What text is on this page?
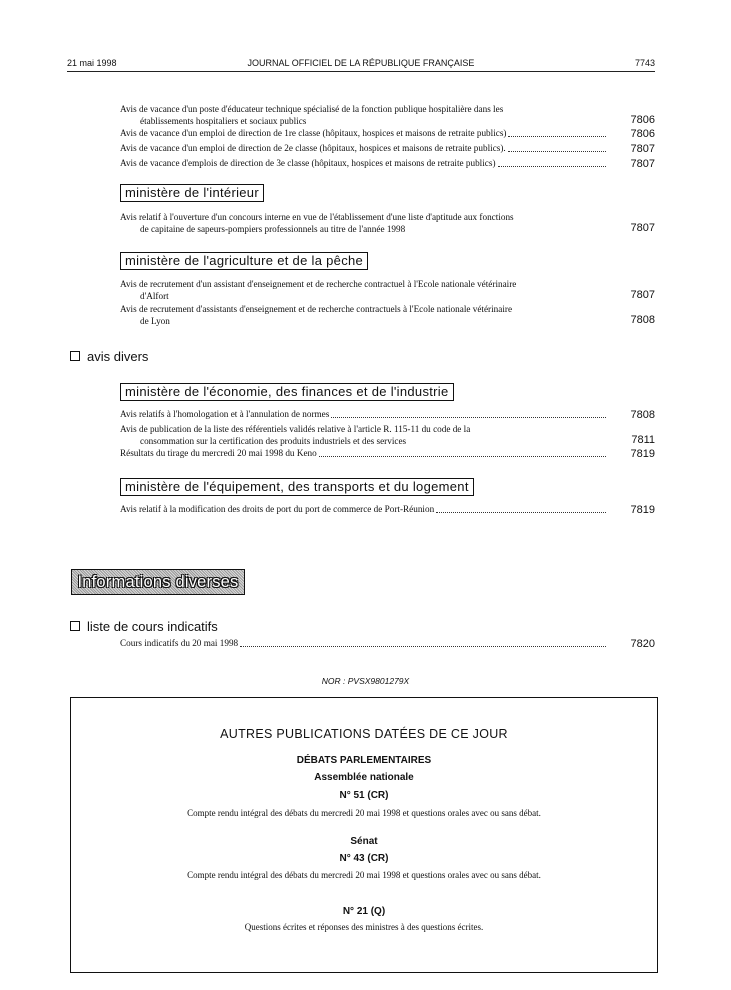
21 mai 1998	JOURNAL OFFICIEL DE LA RÉPUBLIQUE FRANÇAISE	7743
Avis de vacance d'un poste d'éducateur technique spécialisé de la fonction publique hospitalière dans les
établissements hospitaliers et sociaux publics	7806
Avis de vacance d'un emploi de direction de 1re classe (hôpitaux, hospices et maisons de retraite publics)	7806
Avis de vacance d'un emploi de direction de 2e classe (hôpitaux, hospices et maisons de retraite publics).	7807
Avis de vacance d'emplois de direction de 3e classe (hôpitaux, hospices et maisons de retraite publics)	7807
ministère de l'intérieur
Avis relatif à l'ouverture d'un concours interne en vue de l'établissement d'une liste d'aptitude aux fonctions
de capitaine de sapeurs-pompiers professionnels au titre de l'année 1998	7807
ministère de l'agriculture et de la pêche
Avis de recrutement d'un assistant d'enseignement et de recherche contractuel à l'Ecole nationale vétérinaire
d'Alfort	7807
Avis de recrutement d'assistants d'enseignement et de recherche contractuels à l'Ecole nationale vétérinaire
de Lyon	7808
avis divers
ministère de l'économie, des finances et de l'industrie
Avis relatifs à l'homologation et à l'annulation de normes	7808
Avis de publication de la liste des référentiels validés relative à l'article R. 115-11 du code de la
consommation sur la certification des produits industriels et des services	7811
Résultats du tirage du mercredi 20 mai 1998 du Keno	7819
ministère de l'équipement, des transports et du logement
Avis relatif à la modification des droits de port du port de commerce de Port-Réunion	7819
Informations diverses
liste de cours indicatifs
Cours indicatifs du 20 mai 1998	7820
NOR : PVSX9801279X
AUTRES PUBLICATIONS DATÉES DE CE JOUR
DÉBATS PARLEMENTAIRES
Assemblée nationale
N° 51 (CR)
Compte rendu intégral des débats du mercredi 20 mai 1998 et questions orales avec ou sans débat.
Sénat
N° 43 (CR)
Compte rendu intégral des débats du mercredi 20 mai 1998 et questions orales avec ou sans débat.
N° 21 (Q)
Questions écrites et réponses des ministres à des questions écrites.
